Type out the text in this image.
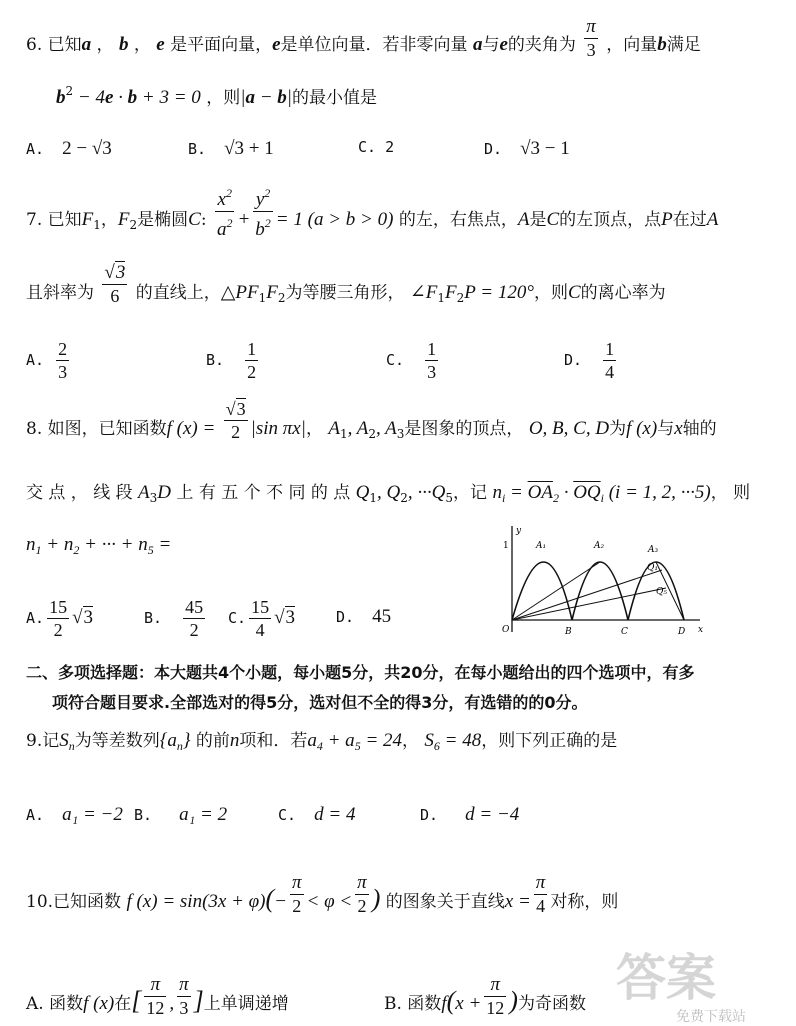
6. 已知a ， b ， e 是平面向量，e是单位向量．若非零向量 a与e的夹角为 $\frac{\pi}{3}$ ，向量b满足
$b^2 - 4e \cdot b + 3 = 0$ ，则|a − b|的最小值是
A. 2 − √3	B. √3 + 1	C. 2	D. √3 − 1
7. 已知$F_1$，$F_2$是椭圆C: $\frac{x^2}{a^2} + \frac{y^2}{b^2} = 1$ (a > b > 0) 的左，右焦点，A是C的左顶点，点P在过A
且斜率为 $\frac{√3}{6}$ 的直线上，$\triangle PF_1F_2$为等腰三角形， $\angle F_1F_2P = 120^\circ$，则C的离心率为
A. $\frac{2}{3}$	B. $\frac{1}{2}$	C. $\frac{1}{3}$	D. $\frac{1}{4}$
8. 如图，已知函数f $(x) = \frac{√3}{2} |\sin$ πx|， $A_1$, $A_2$, $A_3$是图象的顶点， O, B, C, D为f (x)与x轴的
交 点 ， 线 段 $A_3D$ 上 有 五 个 不 同 的 点 $Q_1$, $Q_2$, $\cdot\cdot\cdot Q_5$，记 $n_i = \overline{OA}_2 \cdot \overline{OQ}_i$ (i = 1, 2, ···5)， 则
$n_1 + n_2$ + ··· + $n_5$ =
A. $\frac{15}{2} √3$	B. $\frac{45}{2} C$. $\frac{15}{4} √3$	D. 45
y
1	A₁	A₂	A₃
Q₁
Q₅
O	B	C	D x
二、多项选择题：本大题共4个小题，每小题5分，共20分，在每小题给出的四个选项中，有多
项符合题目要求.全部选对的得5分，选对但不全的得3分，有选错的的0分。
9.记$S_n$为等差数列$\{a_n\}$ 的前n项和．若$a_4 + a_5 = 24$， $S_6 = 48$，则下列正确的是
A. a₁ = −2 B. a₁ = 2	C. d = 4	D. d = −4
10.已知函数 f $(x) = \sin(3x + \varphi)(- \frac{\pi}{2} < \varphi < \frac{\pi}{2}$ ) 的图象关于直线$x = \frac{\pi}{4}$ 对称，则
A. 函数f (x)在[ $\frac{\pi}{12}$ , $\frac{\pi}{3}$ ]上单调递增	B. 函数$f(x + \frac{\pi}{12}$ )为奇函数 答案
免费下载站
